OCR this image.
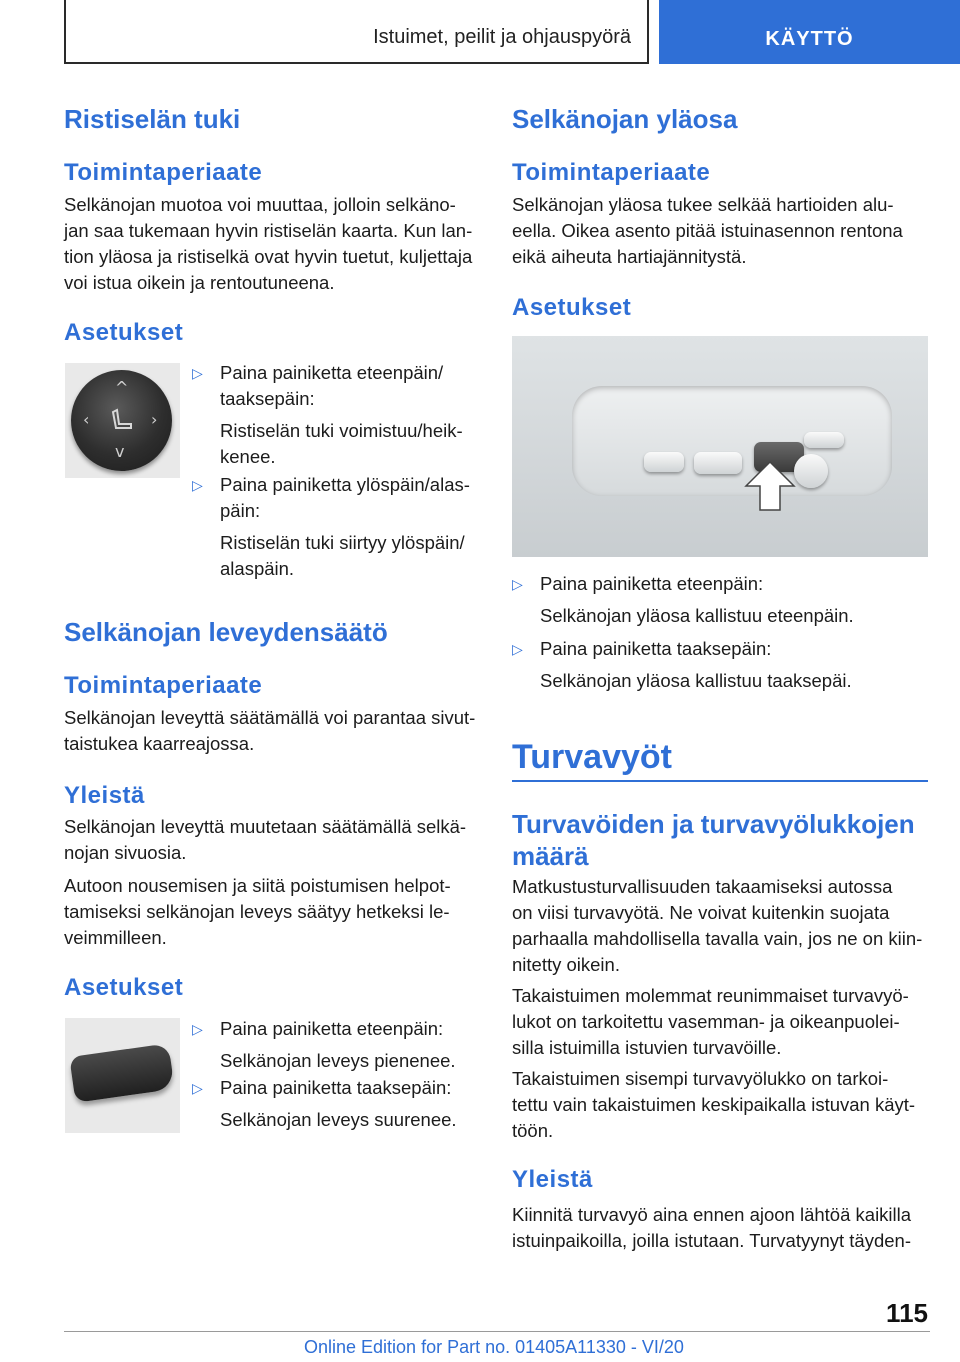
Istuimet, peilit ja ohjauspyörä	KÄYTTÖ
Ristiselän tuki
Toimintaperiaate
Selkänojan muotoa voi muuttaa, jolloin selkäno-
jan saa tukemaan hyvin ristiselän kaarta. Kun lan-
tion yläosa ja ristiselkä ovat hyvin tuetut, kuljettaja
voi istua oikein ja rentoutuneena.
Asetukset
^
v
‹	›
▷ Paina painiketta eteenpäin/
taaksepäin:
Ristiselän tuki voimistuu/heik-
kenee.
▷ Paina painiketta ylöspäin/alas-
päin:
Ristiselän tuki siirtyy ylöspäin/
alaspäin.
Selkänojan leveydensäätö
Toimintaperiaate
Selkänojan leveyttä säätämällä voi parantaa sivut-
taistukea kaarreajossa.
Yleistä
Selkänojan leveyttä muutetaan säätämällä selkä-
nojan sivuosia.
Autoon nousemisen ja siitä poistumisen helpot-
tamiseksi selkänojan leveys säätyy hetkeksi le-
veimmilleen.
Asetukset
▷ Paina painiketta eteenpäin:
Selkänojan leveys pienenee.
▷ Paina painiketta taaksepäin:
Selkänojan leveys suurenee.
Selkänojan yläosa
Toimintaperiaate
Selkänojan yläosa tukee selkää hartioiden alu-
eella. Oikea asento pitää istuinasennon rentona
eikä aiheuta hartiajännitystä.
Asetukset
▷ Paina painiketta eteenpäin:
Selkänojan yläosa kallistuu eteenpäin.
▷ Paina painiketta taaksepäin:
Selkänojan yläosa kallistuu taaksepäi.
Turvavyöt
Turvavöiden ja turvavyölukkojen
määrä
Matkustusturvallisuuden takaamiseksi autossa
on viisi turvavyötä. Ne voivat kuitenkin suojata
parhaalla mahdollisella tavalla vain, jos ne on kiin-
nitetty oikein.
Takaistuimen molemmat reunimmaiset turvavyö-
lukot on tarkoitettu vasemman- ja oikeanpuolei-
silla istuimilla istuvien turvavöille.
Takaistuimen sisempi turvavyölukko on tarkoi-
tettu vain takaistuimen keskipaikalla istuvan käyt-
töön.
Yleistä
Kiinnitä turvavyö aina ennen ajoon lähtöä kaikilla
istuinpaikoilla, joilla istutaan. Turvatyynyt täyden-
115
Online Edition for Part no. 01405A11330 - VI/20
